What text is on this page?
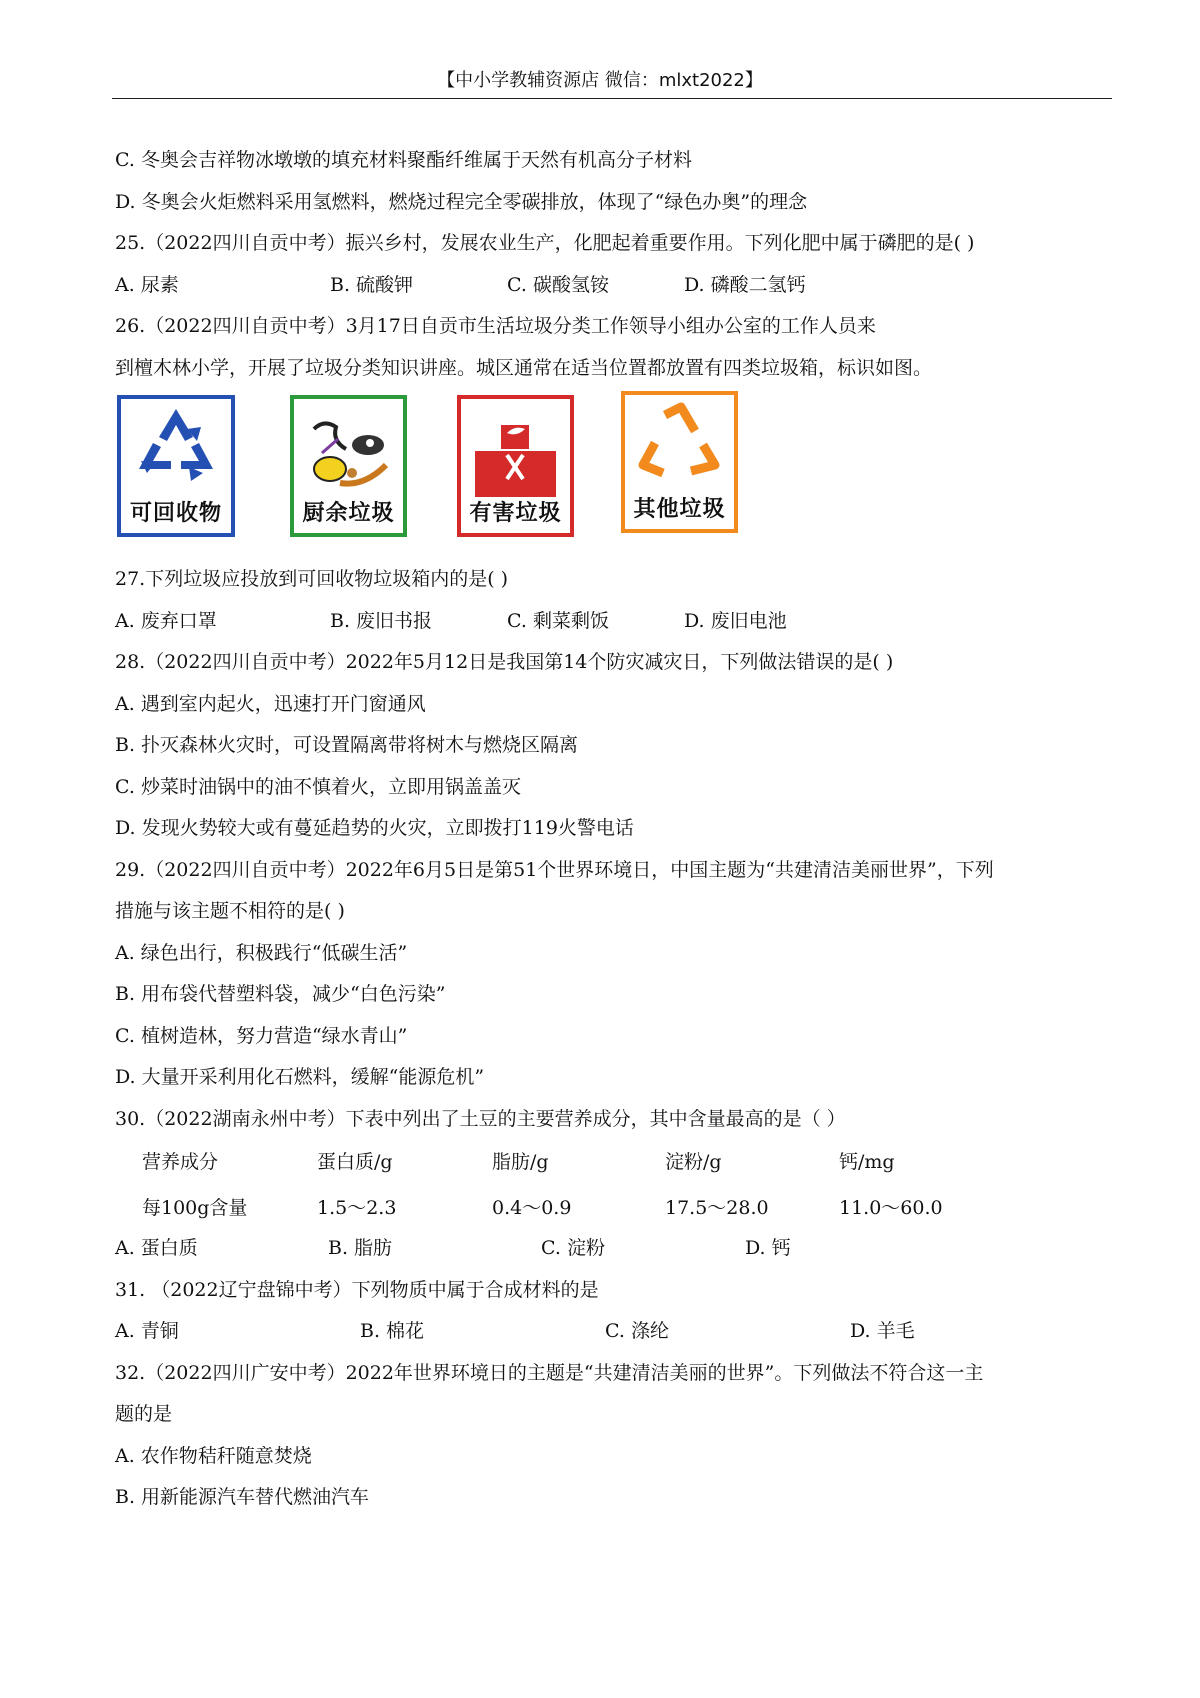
【中小学教辅资源店 微信：mlxt2022】
C. 冬奥会吉祥物冰墩墩的填充材料聚酯纤维属于天然有机高分子材料
D. 冬奥会火炬燃料采用氢燃料，燃烧过程完全零碳排放，体现了“绿色办奥”的理念
25.（2022四川自贡中考）振兴乡村，发展农业生产，化肥起着重要作用。下列化肥中属于磷肥的是( )
A. 尿素	B. 硫酸钾	C. 碳酸氢铵	D. 磷酸二氢钙
26.（2022四川自贡中考）3月17日自贡市生活垃圾分类工作领导小组办公室的工作人员来
到檀木林小学，开展了垃圾分类知识讲座。城区通常在适当位置都放置有四类垃圾箱，标识如图。
可回收物	厨余垃圾	有害垃圾	其他垃圾
27.下列垃圾应投放到可回收物垃圾箱内的是( )
A. 废弃口罩	B. 废旧书报	C. 剩菜剩饭	D. 废旧电池
28.（2022四川自贡中考）2022年5月12日是我国第14个防灾减灾日，下列做法错误的是( )
A. 遇到室内起火，迅速打开门窗通风
B. 扑灭森林火灾时，可设置隔离带将树木与燃烧区隔离
C. 炒菜时油锅中的油不慎着火，立即用锅盖盖灭
D. 发现火势较大或有蔓延趋势的火灾，立即拨打119火警电话
29.（2022四川自贡中考）2022年6月5日是第51个世界环境日，中国主题为“共建清洁美丽世界”，下列
措施与该主题不相符的是( )
A. 绿色出行，积极践行“低碳生活”
B. 用布袋代替塑料袋，减少“白色污染”
C. 植树造林，努力营造“绿水青山”
D. 大量开采利用化石燃料，缓解“能源危机”
30.（2022湖南永州中考）下表中列出了土豆的主要营养成分，其中含量最高的是（ ）
营养成分	蛋白质/g	脂肪/g	淀粉/g	钙/mg
每100g含量	1.5～2.3	0.4～0.9	17.5～28.0	11.0～60.0
A. 蛋白质	B. 脂肪	C. 淀粉	D. 钙
31. （2022辽宁盘锦中考）下列物质中属于合成材料的是
A. 青铜	B. 棉花	C. 涤纶	D. 羊毛
32.（2022四川广安中考）2022年世界环境日的主题是“共建清洁美丽的世界”。下列做法不符合这一主
题的是
A. 农作物秸秆随意焚烧
B. 用新能源汽车替代燃油汽车
